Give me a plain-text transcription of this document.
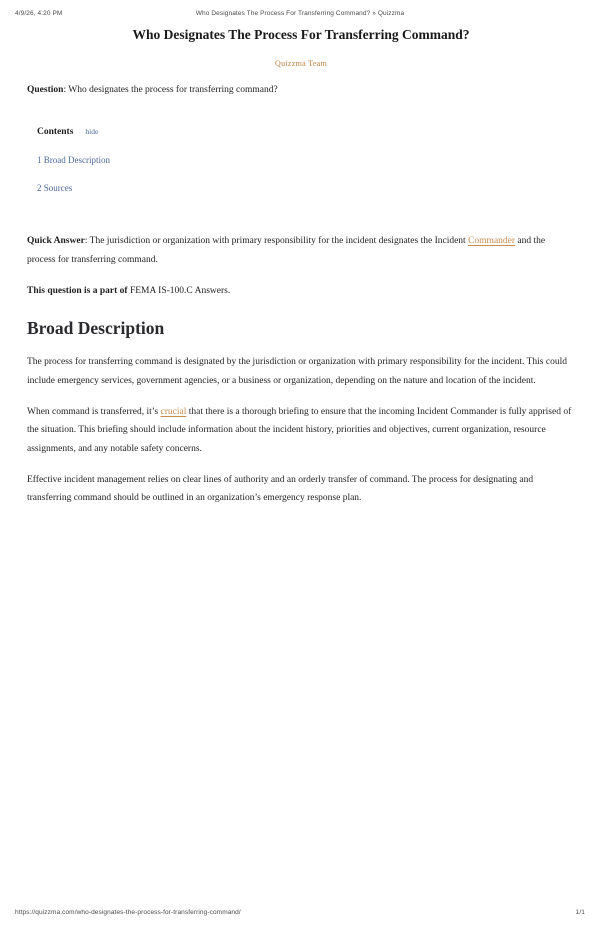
4/9/26, 4:20 PM	Who Designates The Process For Transferring Command? » Quizzma
Who Designates The Process For Transferring Command?
Quizzma Team

Question: Who designates the process for transferring command?

Contents hide
1 Broad Description
2 Sources

Quick Answer: The jurisdiction or organization with primary responsibility for the incident designates the Incident Commander and the process for transferring command.

This question is a part of FEMA IS-100.C Answers.

Broad Description

The process for transferring command is designated by the jurisdiction or organization with primary responsibility for the incident. This could include emergency services, government agencies, or a business or organization, depending on the nature and location of the incident.

When command is transferred, it’s crucial that there is a thorough briefing to ensure that the incoming Incident Commander is fully apprised of the situation. This briefing should include information about the incident history, priorities and objectives, current organization, resource assignments, and any notable safety concerns.

Effective incident management relies on clear lines of authority and an orderly transfer of command. The process for designating and transferring command should be outlined in an organization’s emergency response plan.

https://quizzma.com/who-designates-the-process-for-transferring-command/	1/1
